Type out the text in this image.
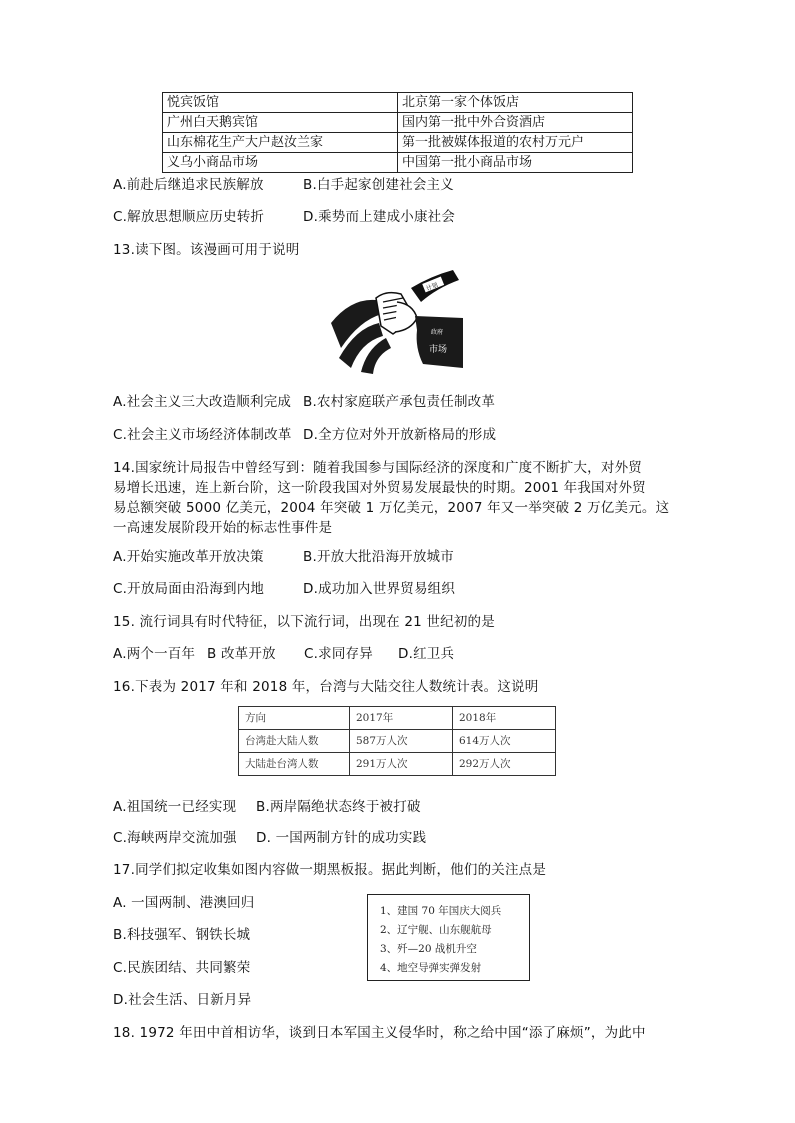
悦宾饭馆	北京第一家个体饭店
广州白天鹅宾馆	国内第一批中外合资酒店
山东棉花生产大户赵汝兰家	第一批被媒体报道的农村万元户
义乌小商品市场	中国第一批小商品市场
A.前赴后继追求民族解放	B.白手起家创建社会主义
C.解放思想顺应历史转折	D.乘势而上建成小康社会
13.读下图。该漫画可用于说明
计划
政府
市场
A.社会主义三大改造顺利完成 B.农村家庭联产承包责任制改革
C.社会主义市场经济体制改革 D.全方位对外开放新格局的形成
14.国家统计局报告中曾经写到：随着我国参与国际经济的深度和广度不断扩大，对外贸
易增长迅速，连上新台阶，这一阶段我国对外贸易发展最快的时期。2001 年我国对外贸
易总额突破 5000 亿美元，2004 年突破 1 万亿美元，2007 年又一举突破 2 万亿美元。这
一高速发展阶段开始的标志性事件是
A.开始实施改革开放决策	B.开放大批沿海开放城市
C.开放局面由沿海到内地	D.成功加入世界贸易组织
15. 流行词具有时代特征，以下流行词，出现在 21 世纪初的是
A.两个一百年 B 改革开放 C.求同存异 D.红卫兵
16.下表为 2017 年和 2018 年，台湾与大陆交往人数统计表。这说明
方向	2017年	2018年
台湾赴大陆人数	587万人次	614万人次
大陆赴台湾人数	291万人次	292万人次
A.祖国统一已经实现 B.两岸隔绝状态终于被打破
C.海峡两岸交流加强 D. 一国两制方针的成功实践
17.同学们拟定收集如图内容做一期黑板报。据此判断，他们的关注点是
A. 一国两制、港澳回归
B.科技强军、钢铁长城
C.民族团结、共同繁荣
D.社会生活、日新月异
1、建国 70 年国庆大阅兵
2、辽宁舰、山东舰航母
3、歼—20 战机升空
4、地空导弹实弹发射
18. 1972 年田中首相访华，谈到日本军国主义侵华时，称之给中国“添了麻烦”，为此中
